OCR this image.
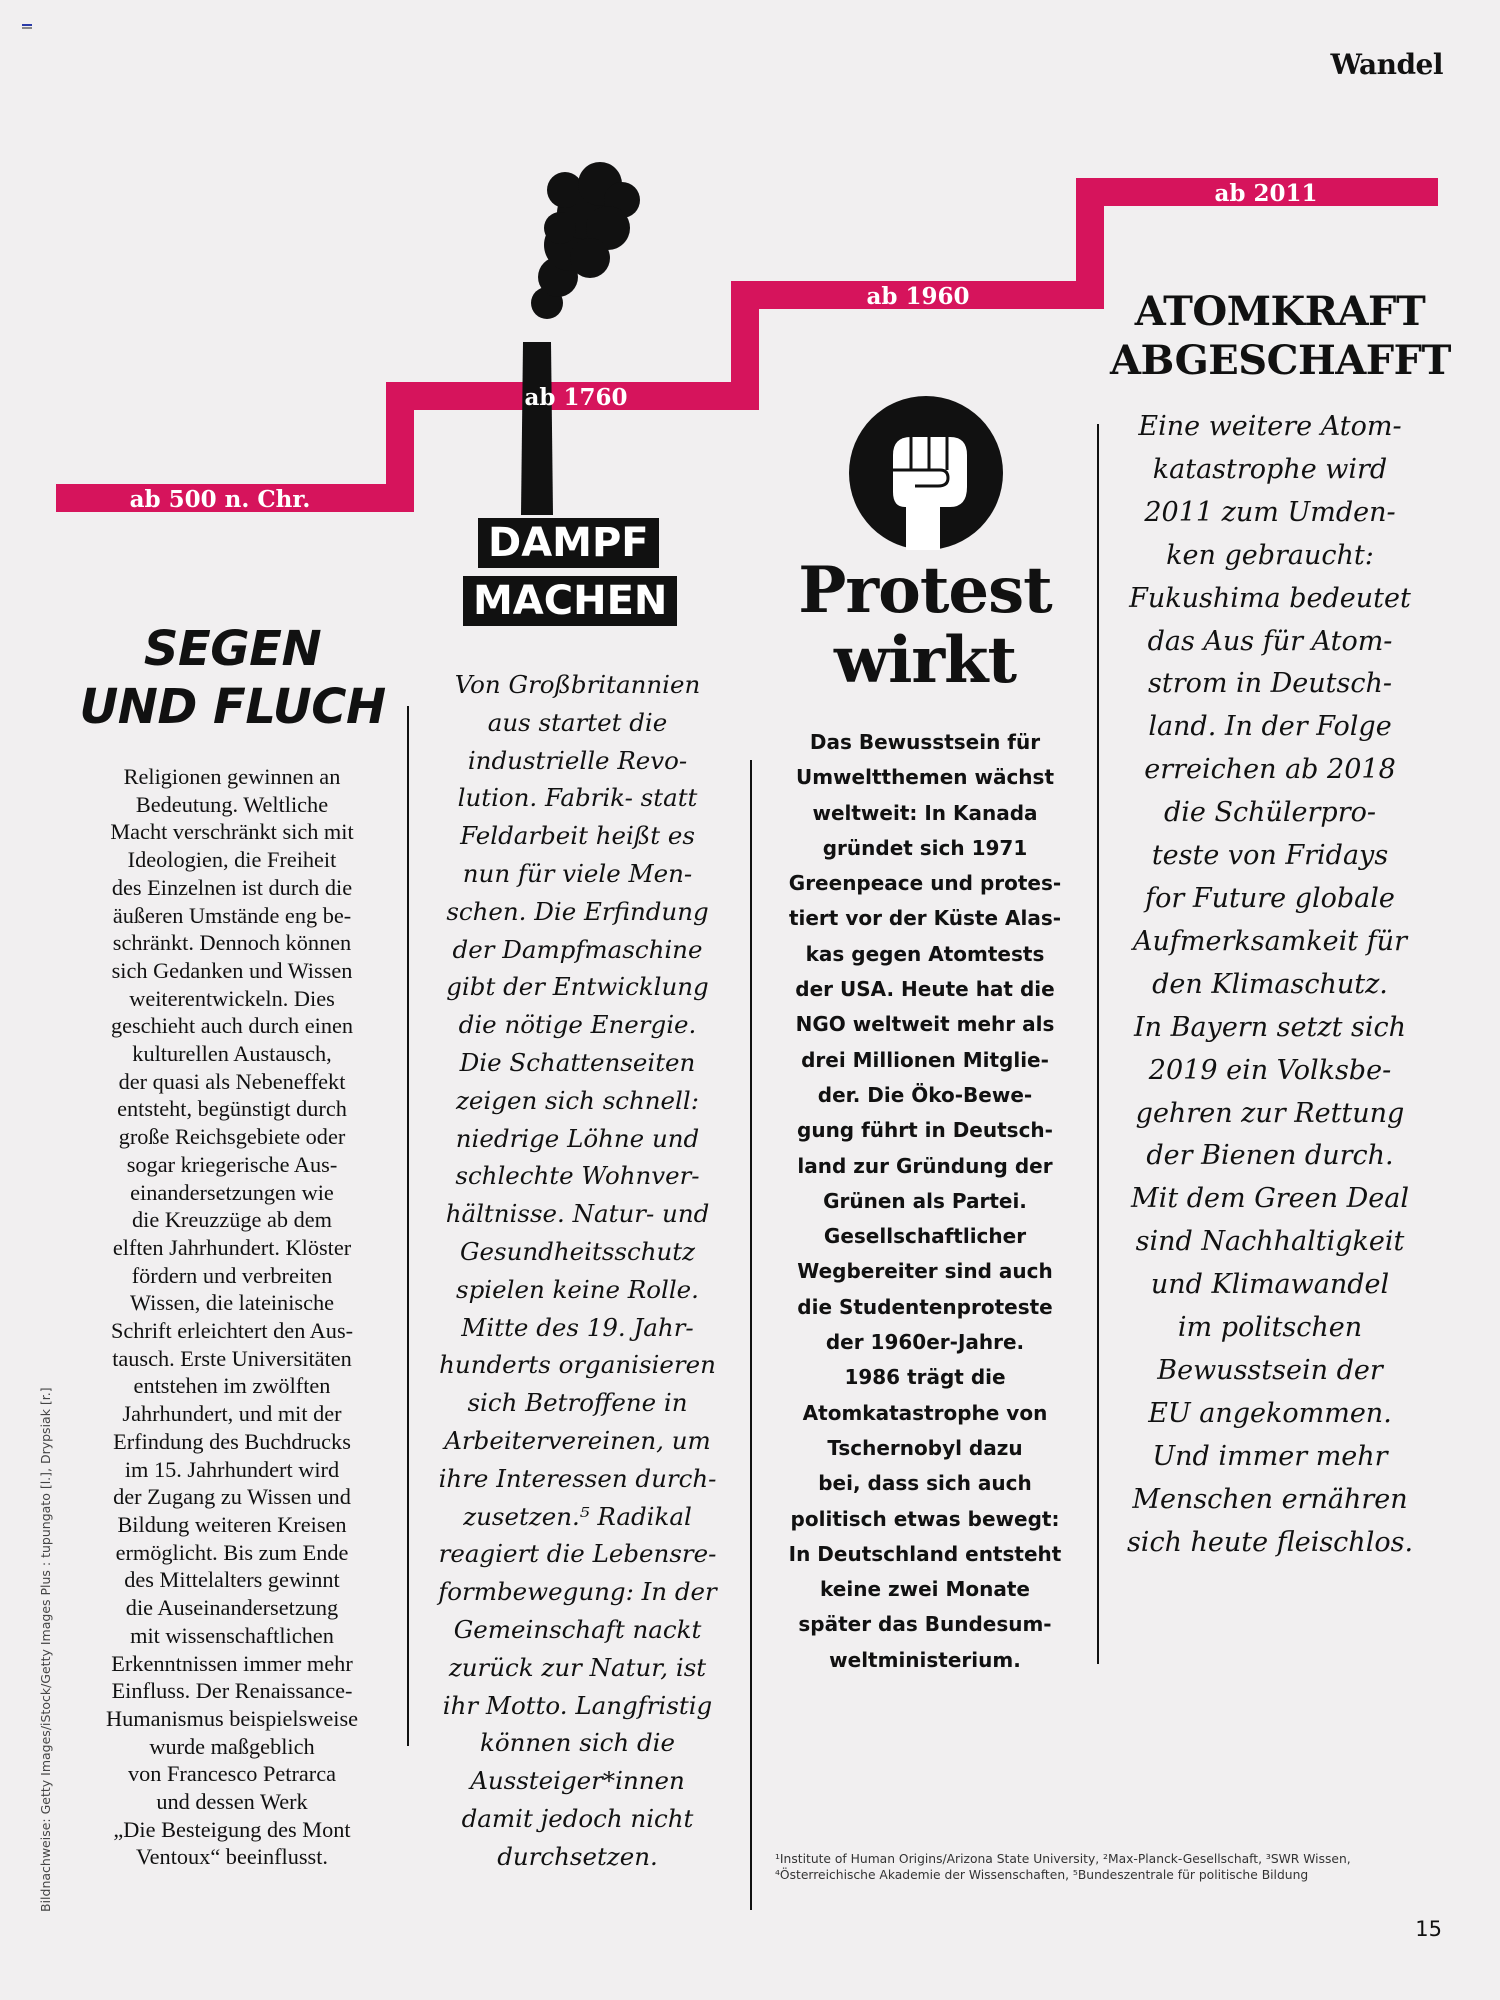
Wandel
ab 500 n. Chr.
ab 1760
ab 1960
ab 2011
DAMPF
MACHEN
SEGEN
UND FLUCH
Religionen gewinnen an
Bedeutung. Weltliche
Macht verschränkt sich mit
Ideologien, die Freiheit
des Einzelnen ist durch die
äußeren Umstände eng be-
schränkt. Dennoch können
sich Gedanken und Wissen
weiterentwickeln. Dies
geschieht auch durch einen
kulturellen Austausch,
der quasi als Nebeneffekt
entsteht, begünstigt durch
große Reichsgebiete oder
sogar kriegerische Aus-
einandersetzungen wie
die Kreuzzüge ab dem
elften Jahrhundert. Klöster
fördern und verbreiten
Wissen, die lateinische
Schrift erleichtert den Aus-
tausch. Erste Universitäten
entstehen im zwölften
Jahrhundert, und mit der
Erfindung des Buchdrucks
im 15. Jahrhundert wird
der Zugang zu Wissen und
Bildung weiteren Kreisen
ermöglicht. Bis zum Ende
des Mittelalters gewinnt
die Auseinandersetzung
mit wissenschaftlichen
Erkenntnissen immer mehr
Einfluss. Der Renaissance-
Humanismus beispielsweise
wurde maßgeblich
von Francesco Petrarca
und dessen Werk
„Die Besteigung des Mont
Ventoux“ beeinflusst.
Von Großbritannien
aus startet die
industrielle Revo-
lution. Fabrik- statt
Feldarbeit heißt es
nun für viele Men-
schen. Die Erfindung
der Dampfmaschine
gibt der Entwicklung
die nötige Energie.
Die Schattenseiten
zeigen sich schnell:
niedrige Löhne und
schlechte Wohnver-
hältnisse. Natur- und
Gesundheitsschutz
spielen keine Rolle.
Mitte des 19. Jahr-
hunderts organisieren
sich Betroffene in
Arbeitervereinen, um
ihre Interessen durch-
zusetzen.⁵ Radikal
reagiert die Lebensre-
formbewegung: In der
Gemeinschaft nackt
zurück zur Natur, ist
ihr Motto. Langfristig
können sich die
Aussteiger*innen
damit jedoch nicht
durchsetzen.
Protest
wirkt
Das Bewusstsein für
Umweltthemen wächst
weltweit: In Kanada
gründet sich 1971
Greenpeace und protes-
tiert vor der Küste Alas-
kas gegen Atomtests
der USA. Heute hat die
NGO weltweit mehr als
drei Millionen Mitglie-
der. Die Öko-Bewe-
gung führt in Deutsch-
land zur Gründung der
Grünen als Partei.
Gesellschaftlicher
Wegbereiter sind auch
die Studentenproteste
der 1960er-Jahre.
1986 trägt die
Atomkatastrophe von
Tschernobyl dazu
bei, dass sich auch
politisch etwas bewegt:
In Deutschland entsteht
keine zwei Monate
später das Bundesum-
weltministerium.
ATOMKRAFT
ABGESCHAFFT
Eine weitere Atom-
katastrophe wird
2011 zum Umden-
ken gebraucht:
Fukushima bedeutet
das Aus für Atom-
strom in Deutsch-
land. In der Folge
erreichen ab 2018
die Schülerpro-
teste von Fridays
for Future globale
Aufmerksamkeit für
den Klimaschutz.
In Bayern setzt sich
2019 ein Volksbe-
gehren zur Rettung
der Bienen durch.
Mit dem Green Deal
sind Nachhaltigkeit
und Klimawandel
im politschen
Bewusstsein der
EU angekommen.
Und immer mehr
Menschen ernähren
sich heute fleischlos.
¹Institute of Human Origins/Arizona State University, ²Max-Planck-Gesellschaft, ³SWR Wissen,
⁴Österreichische Akademie der Wissenschaften, ⁵Bundeszentrale für politische Bildung
Bildnachweise: Getty Images/iStock/Getty Images Plus : tupungato [l.], Drypsiak [r.]
15
